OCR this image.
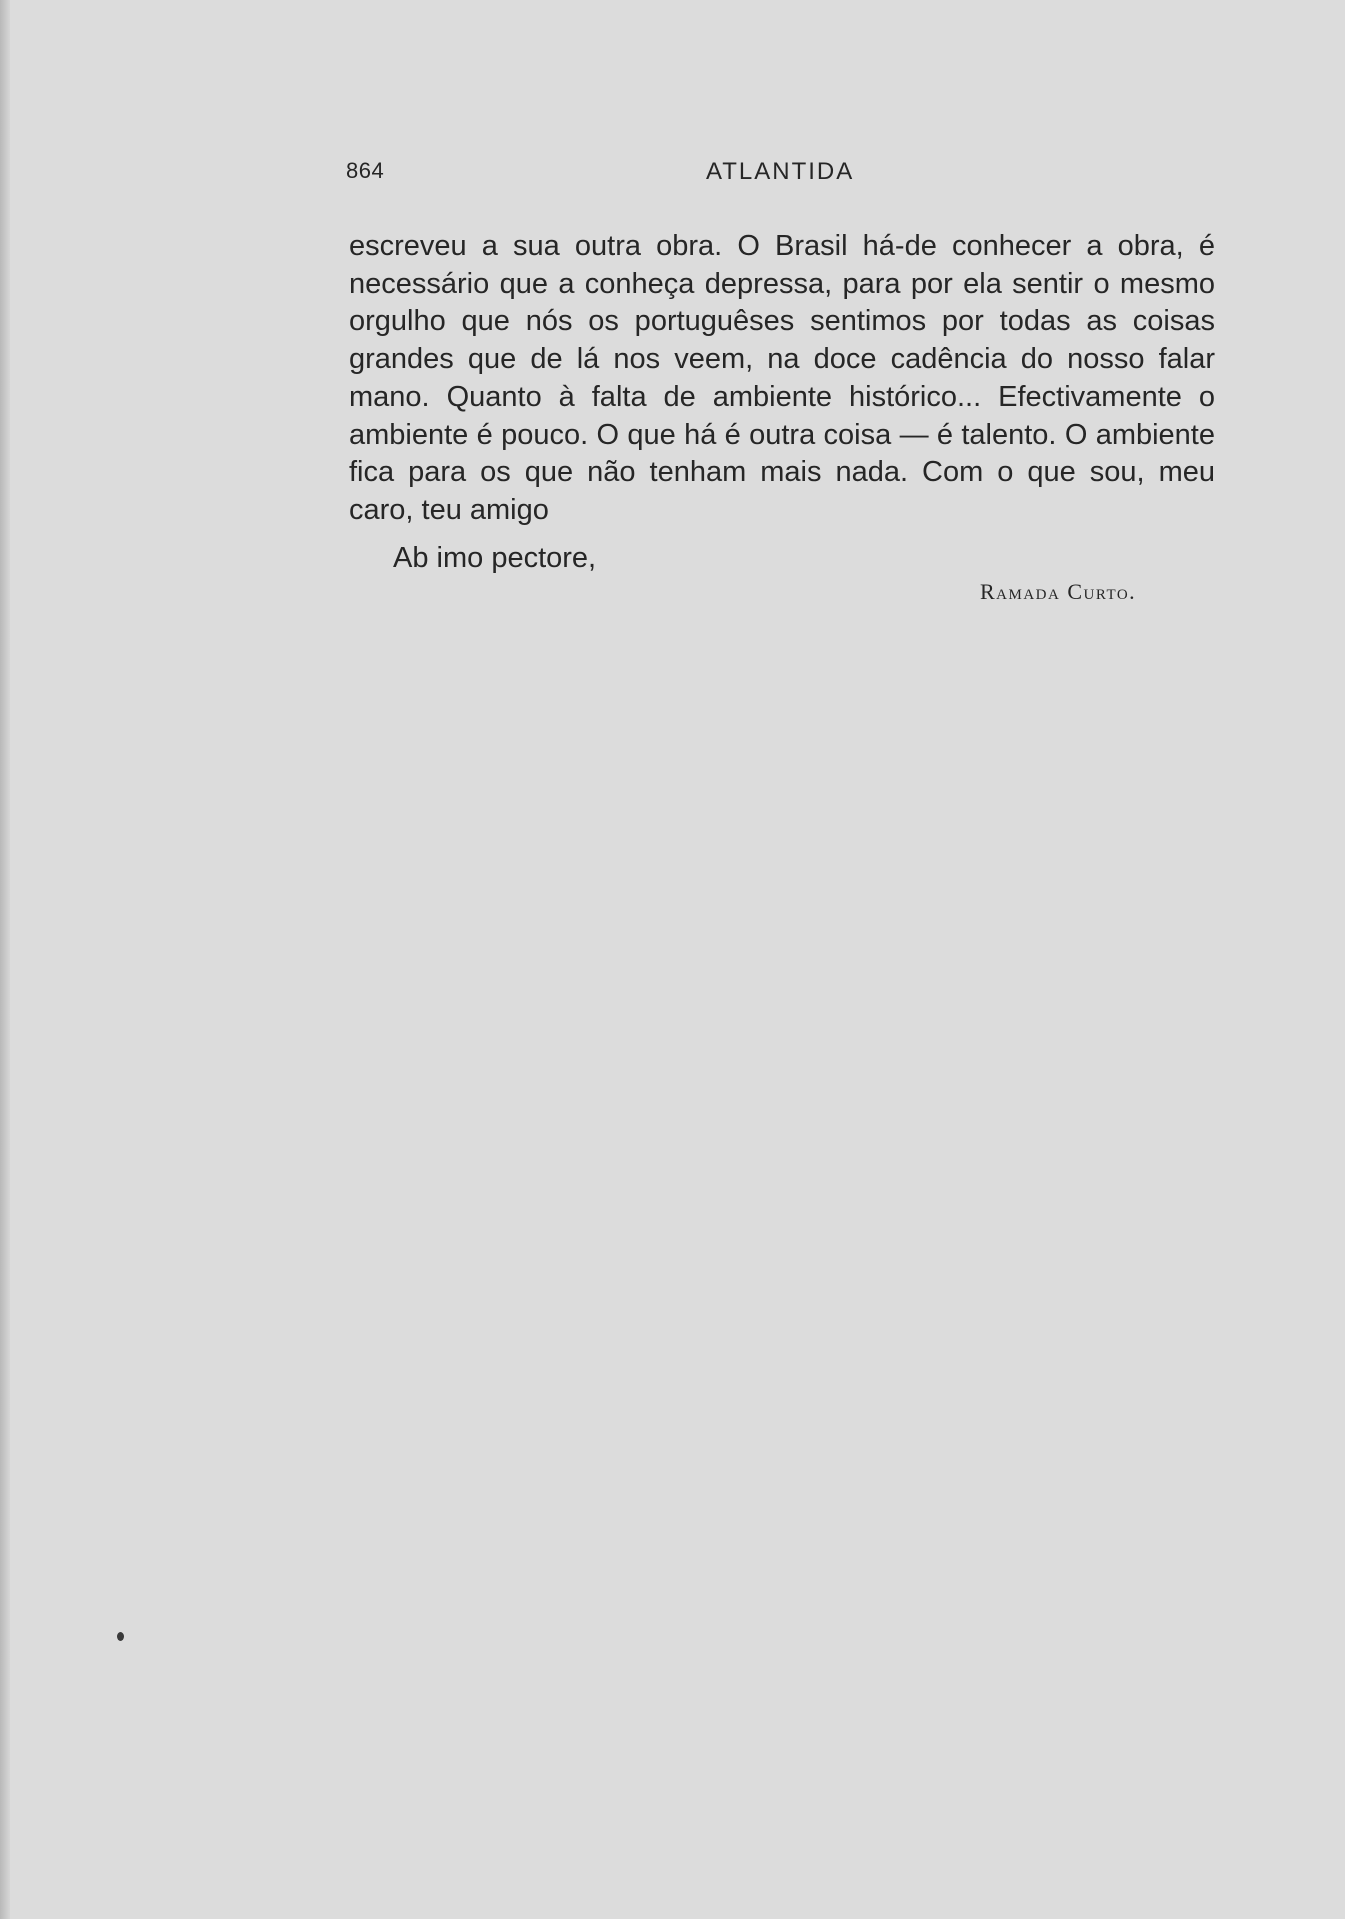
864	ATLANTIDA

escreveu a sua outra obra. O Brasil há-de conhecer a obra, é necessário que a conheça depressa, para por ela sentir o mesmo orgulho que nós os portuguêses sentimos por todas as coisas grandes que de lá nos veem, na doce cadência do nosso falar mano. Quanto à falta de ambiente histórico... Efectivamente o ambiente é pouco. O que há é outra coisa — é talento. O ambiente fica para os que não tenham mais nada. Com o que sou, meu caro, teu amigo

Ab imo pectore,
Ramada Curto.
